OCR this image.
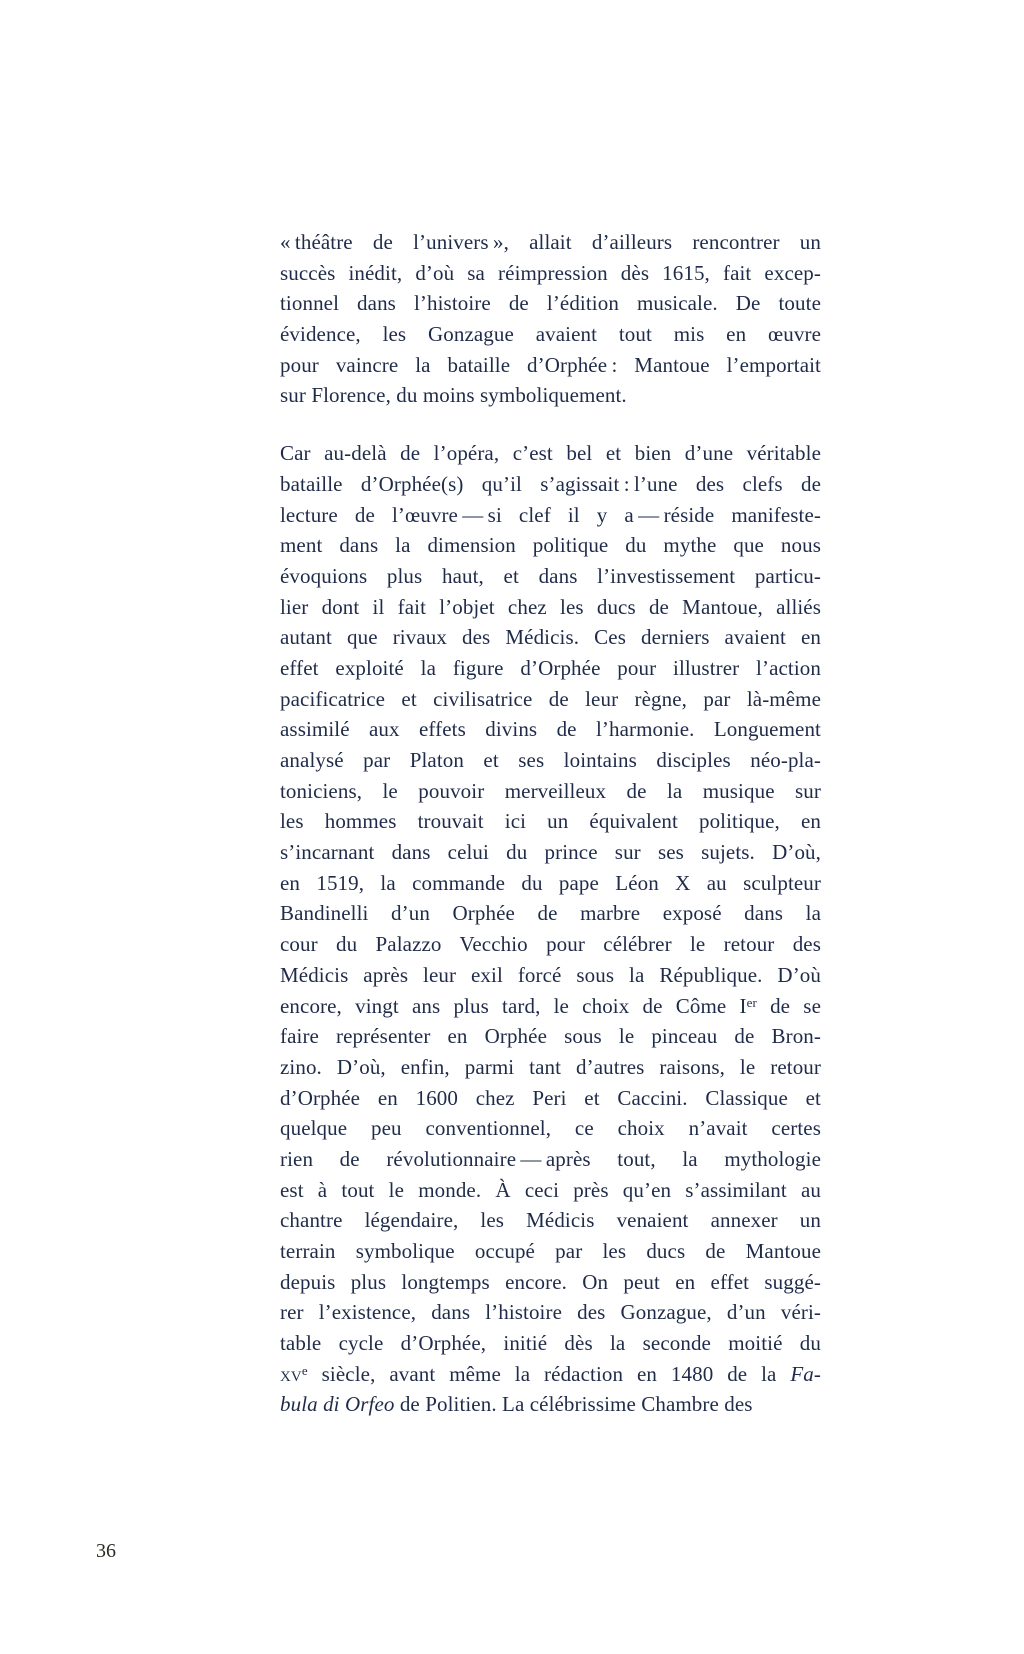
« théâtre de l’univers », allait d’ailleurs rencontrer un
succès inédit, d’où sa réimpression dès 1615, fait excep-
tionnel dans l’histoire de l’édition musicale. De toute
évidence, les Gonzague avaient tout mis en œuvre
pour vaincre la bataille d’Orphée : Mantoue l’emportait
sur Florence, du moins symboliquement.
Car au-delà de l’opéra, c’est bel et bien d’une véritable
bataille d’Orphée(s) qu’il s’agissait : l’une des clefs de
lecture de l’œuvre — si clef il y a — réside manifeste-
ment dans la dimension politique du mythe que nous
évoquions plus haut, et dans l’investissement particu-
lier dont il fait l’objet chez les ducs de Mantoue, alliés
autant que rivaux des Médicis. Ces derniers avaient en
effet exploité la figure d’Orphée pour illustrer l’action
pacificatrice et civilisatrice de leur règne, par là-même
assimilé aux effets divins de l’harmonie. Longuement
analysé par Platon et ses lointains disciples néo-pla-
toniciens, le pouvoir merveilleux de la musique sur
les hommes trouvait ici un équivalent politique, en
s’incarnant dans celui du prince sur ses sujets. D’où,
en 1519, la commande du pape Léon X au sculpteur
Bandinelli d’un Orphée de marbre exposé dans la
cour du Palazzo Vecchio pour célébrer le retour des
Médicis après leur exil forcé sous la République. D’où
encore, vingt ans plus tard, le choix de Côme Ier de se
faire représenter en Orphée sous le pinceau de Bron-
zino. D’où, enfin, parmi tant d’autres raisons, le retour
d’Orphée en 1600 chez Peri et Caccini. Classique et
quelque peu conventionnel, ce choix n’avait certes
rien de révolutionnaire — après tout, la mythologie
est à tout le monde. À ceci près qu’en s’assimilant au
chantre légendaire, les Médicis venaient annexer un
terrain symbolique occupé par les ducs de Mantoue
depuis plus longtemps encore. On peut en effet suggé-
rer l’existence, dans l’histoire des Gonzague, d’un véri-
table cycle d’Orphée, initié dès la seconde moitié du
$xv^e$ siècle, avant même la rédaction en 1480 de la Fa-
bula di Orfeo de Politien. La célébrissime Chambre des
36
